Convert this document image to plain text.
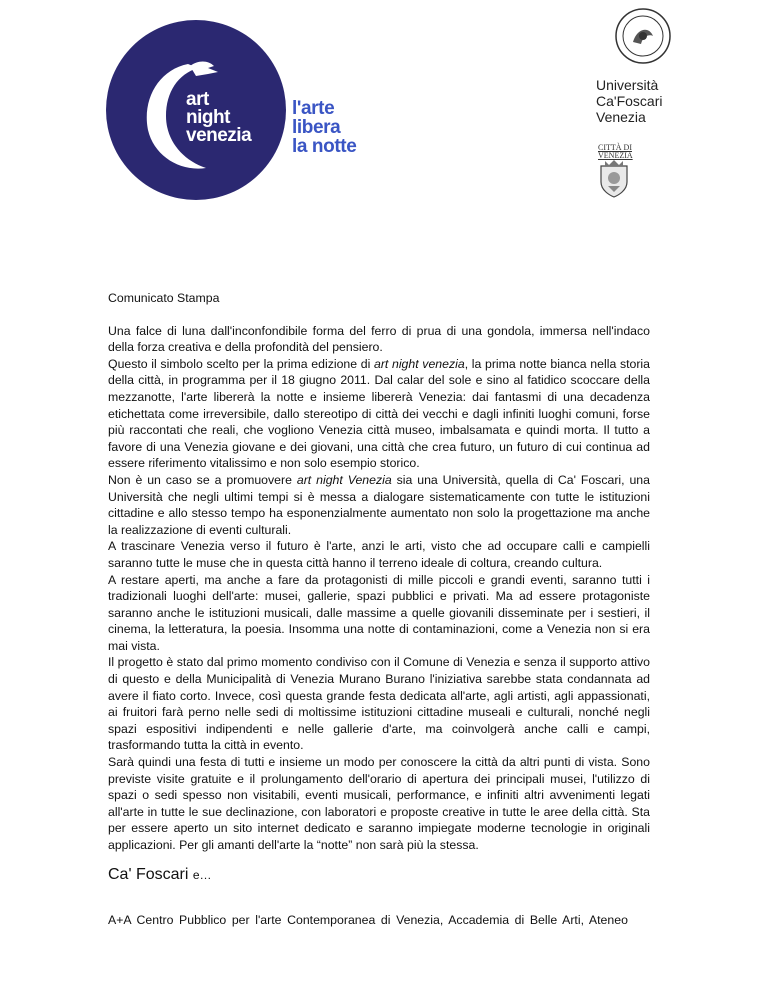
art
night
venezia
l'arte
libera
la notte
Università
Ca'Foscari
Venezia
CITTÀ DI
VENEZIA
Comunicato Stampa

Una falce di luna dall'inconfondibile forma del ferro di prua di una gondola, immersa nell'indaco della forza creativa e della profondità del pensiero.

Questo il simbolo scelto per la prima edizione di art night venezia, la prima notte bianca nella storia della città, in programma per il 18 giugno 2011. Dal calar del sole e sino al fatidico scoccare della mezzanotte, l'arte libererà la notte e insieme libererà Venezia: dai fantasmi di una decadenza etichettata come irreversibile, dallo stereotipo di città dei vecchi e dagli infiniti luoghi comuni, forse più raccontati che reali, che vogliono Venezia città museo, imbalsamata e quindi morta. Il tutto a favore di una Venezia giovane e dei giovani, una città che crea futuro, un futuro di cui continua ad essere riferimento vitalissimo e non solo esempio storico.

Non è un caso se a promuovere art night Venezia sia una Università, quella di Ca' Foscari, una Università che negli ultimi tempi si è messa a dialogare sistematicamente con tutte le istituzioni cittadine e allo stesso tempo ha esponenzialmente aumentato non solo la progettazione ma anche la realizzazione di eventi culturali.

A trascinare Venezia verso il futuro è l'arte, anzi le arti, visto che ad occupare calli e campielli saranno tutte le muse che in questa città hanno il terreno ideale di coltura, creando cultura.

A restare aperti, ma anche a fare da protagonisti di mille piccoli e grandi eventi, saranno tutti i tradizionali luoghi dell'arte: musei, gallerie, spazi pubblici e privati. Ma ad essere protagoniste saranno anche le istituzioni musicali, dalle massime a quelle giovanili disseminate per i sestieri, il cinema, la letteratura, la poesia. Insomma una notte di contaminazioni, come a Venezia non si era mai vista.

Il progetto è stato dal primo momento condiviso con il Comune di Venezia e senza il supporto attivo di questo e della Municipalità di Venezia Murano Burano l'iniziativa sarebbe stata condannata ad avere il fiato corto. Invece, così questa grande festa dedicata all'arte, agli artisti, agli appassionati, ai fruitori farà perno nelle sedi di moltissime istituzioni cittadine museali e culturali, nonché negli spazi espositivi indipendenti e nelle gallerie d'arte, ma coinvolgerà anche calli e campi, trasformando tutta la città in evento.

Sarà quindi una festa di tutti e insieme un modo per conoscere la città da altri punti di vista. Sono previste visite gratuite e il prolungamento dell'orario di apertura dei principali musei, l'utilizzo di spazi o sedi spesso non visitabili, eventi musicali, performance, e infiniti altri avvenimenti legati all'arte in tutte le sue declinazione, con laboratori e proposte creative in tutte le aree della città. Sta per essere aperto un sito internet dedicato e saranno impiegate moderne tecnologie in originali applicazioni. Per gli amanti dell'arte la “notte” non sarà più la stessa.

Ca' Foscari e…
A+A Centro Pubblico per l'arte Contemporanea di Venezia, Accademia di Belle Arti, Ateneo
